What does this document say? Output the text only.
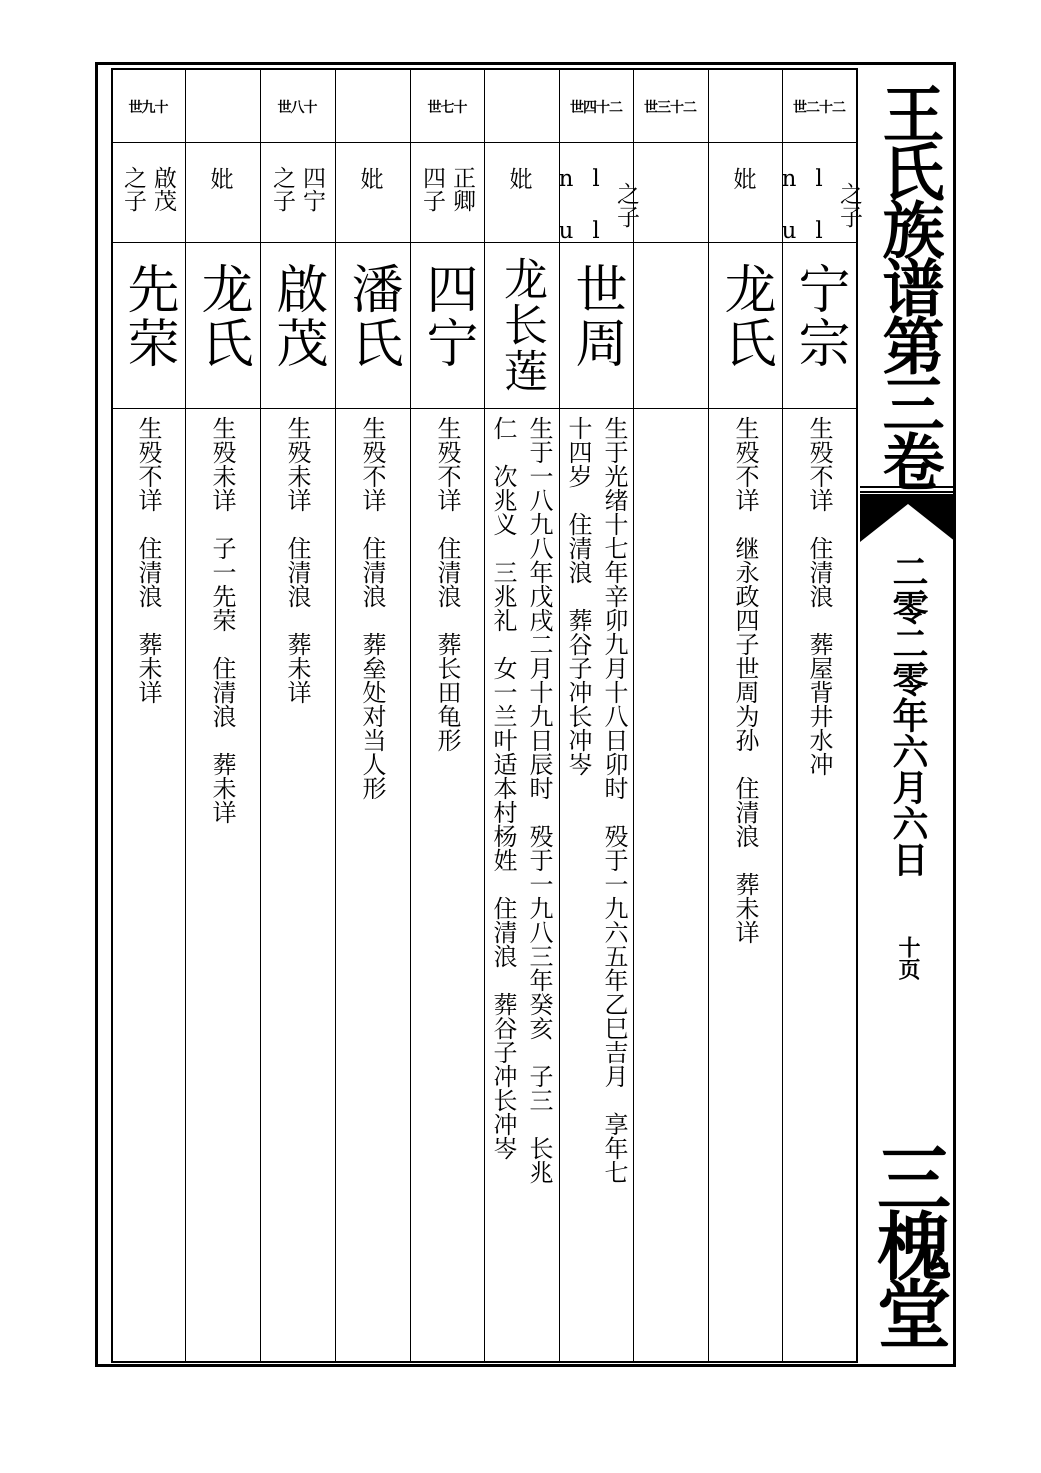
世二十二
之子
l l
n u
宁宗
生殁不详　住清浪　葬屋背井水冲
妣
龙氏
生殁不详　继永政四子世周为孙　住清浪　葬未详
世三十二
世四十二
之子
l l
n u
世周
生于光绪十七年辛卯九月十八日卯时　殁于一九六五年乙巳吉月　享年七
十四岁　住清浪　葬谷子冲长冲岑
妣
龙长莲
生于一八九八年戊戌二月十九日辰时　殁于一九八三年癸亥　子三　长兆
仁　次兆义　三兆礼　女一兰叶适本村杨姓　住清浪　葬谷子冲长冲岑
世七十
正卿
四子
四宁
生殁不详　住清浪　葬长田龟形
妣
潘氏
生殁不详　住清浪　葬垒处对当人形
世八十
四宁
之子
啟茂
生殁未详　住清浪　葬未详
妣
龙氏
生殁未详　子一先荣　住清浪　葬未详
世九十
啟茂
之子
先荣
生殁不详　住清浪　葬未详
王氏族谱第三卷
二零二零年六月六日
十页
三槐堂
